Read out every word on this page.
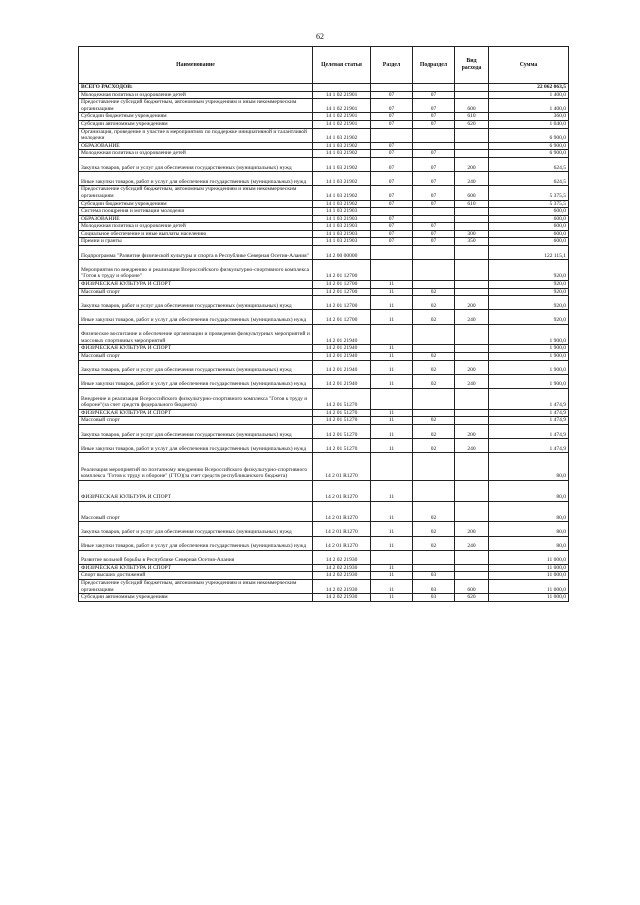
62
Наименование	Целевая статья	Раздел	Подраздел	Вид расхода	Сумма
ВСЕГО РАСХОДОВ:					22 062 063,5
Молодежная политика и оздоровление детей	14 1 02 21901	07	07		1 400,0
Предоставление субсидий бюджетным, автономным учреждениям и иным некоммерческим организациям	14 1 02 21901	07	07	600	1 400,0
Субсидии бюджетным учреждениям	14 1 02 21901	07	07	610	360,0
Субсидии автономным учреждениям	14 1 02 21901	07	07	620	1 040,0
Организация, проведение и участие в мероприятиях по поддержке инициативной и талантливой молодежи	14 1 03 21902				6 900,0
ОБРАЗОВАНИЕ	14 1 03 21902	07			6 900,0
Молодежная политика и оздоровление детей	14 1 03 21902	07	07		6 900,0
Закупка товаров, работ и услуг для обеспечения государственных (муниципальных) нужд	14 1 03 21902	07	07	200	624,5
Иные закупки товаров, работ и услуг для обеспечения государственных (муниципальных) нужд	14 1 03 21902	07	07	240	624,5
Предоставление субсидий бюджетным, автономным учреждениям и иным некоммерческим организациям	14 1 03 21902	07	07	600	5 375,5
Субсидии бюджетным учреждениям	14 1 03 21902	07	07	610	5 375,5
Система поощрения и мотивации молодежи	14 1 03 21903				600,0
ОБРАЗОВАНИЕ	14 1 03 21903	07			600,0
Молодежная политика и оздоровление детей	14 1 03 21903	07	07		600,0
Социальное обеспечение и иные выплаты населению	14 1 03 21903	07	07	300	600,0
Премии и гранты	14 1 03 21903	07	07	350	600,0
Подпрограмма "Развитие физической культуры и спорта в Республике Северная Осетия-Алания"	14 2 00 00000				122 115,1
Мероприятия по внедрению и реализации Всероссийского физкультурно-спортивного комплекса "Готов к труду и обороне"	14 2 01 12700				920,0
ФИЗИЧЕСКАЯ КУЛЬТУРА И СПОРТ	14 2 01 12700	11			920,0
Массовый спорт	14 2 01 12700	11	02		920,0
Закупка товаров, работ и услуг для обеспечения государственных (муниципальных) нужд	14 2 01 12700	11	02	200	920,0
Иные закупки товаров, работ и услуг для обеспечения государственных (муниципальных) нужд	14 2 01 12700	11	02	240	920,0
Физическое воспитание и обеспечение организации и проведения физкультурных мероприятий и массовых спортивных мероприятий	14 2 01 21940				1 900,0
ФИЗИЧЕСКАЯ КУЛЬТУРА И СПОРТ	14 2 01 21940	11			1 900,0
Массовый спорт	14 2 01 21940	11	02		1 900,0
Закупка товаров, работ и услуг для обеспечения государственных (муниципальных) нужд	14 2 01 21940	11	02	200	1 900,0
Иные закупки товаров, работ и услуг для обеспечения государственных (муниципальных) нужд	14 2 01 21940	11	02	240	1 900,0
Внедрение и реализация Всероссийского физкультурно-спортивного комплекса "Готов к труду и обороне"(за счет средств федерального бюджета)	14 2 01 51270				1 474,9
ФИЗИЧЕСКАЯ КУЛЬТУРА И СПОРТ	14 2 01 51270	11			1 474,9
Массовый спорт	14 2 01 51270	11	02		1 474,9
Закупка товаров, работ и услуг для обеспечения государственных (муниципальных) нужд	14 2 01 51270	11	02	200	1 474,9
Иные закупки товаров, работ и услуг для обеспечения государственных (муниципальных) нужд	14 2 01 51270	11	02	240	1 474,9
Реализация мероприятий по поэтапному внедрению Всероссийского физкультурно-спортивного комплекса "Готов к труду и обороне" (ГТО)(за счет средств республиканского бюджета)	14 2 01 R1270				80,0
ФИЗИЧЕСКАЯ КУЛЬТУРА И СПОРТ	14 2 01 R1270	11			80,0
Массовый спорт	14 2 01 R1270	11	02		80,0
Закупка товаров, работ и услуг для обеспечения государственных (муниципальных) нужд	14 2 01 R1270	11	02	200	80,0
Иные закупки товаров, работ и услуг для обеспечения государственных (муниципальных) нужд	14 2 01 R1270	11	02	240	80,0
Развитие вольной борьбы в Республике Северная Осетия-Алания	14 2 02 21930				11 000,0
ФИЗИЧЕСКАЯ КУЛЬТУРА И СПОРТ	14 2 02 21930	11			11 000,0
Спорт высших достижений	14 2 02 21930	11	03		11 000,0
Предоставление субсидий бюджетным, автономным учреждениям и иным некоммерческим организациям	14 2 02 21930	11	03	600	11 000,0
Субсидии автономным учреждениям	14 2 02 21930	11	03	620	11 000,0
